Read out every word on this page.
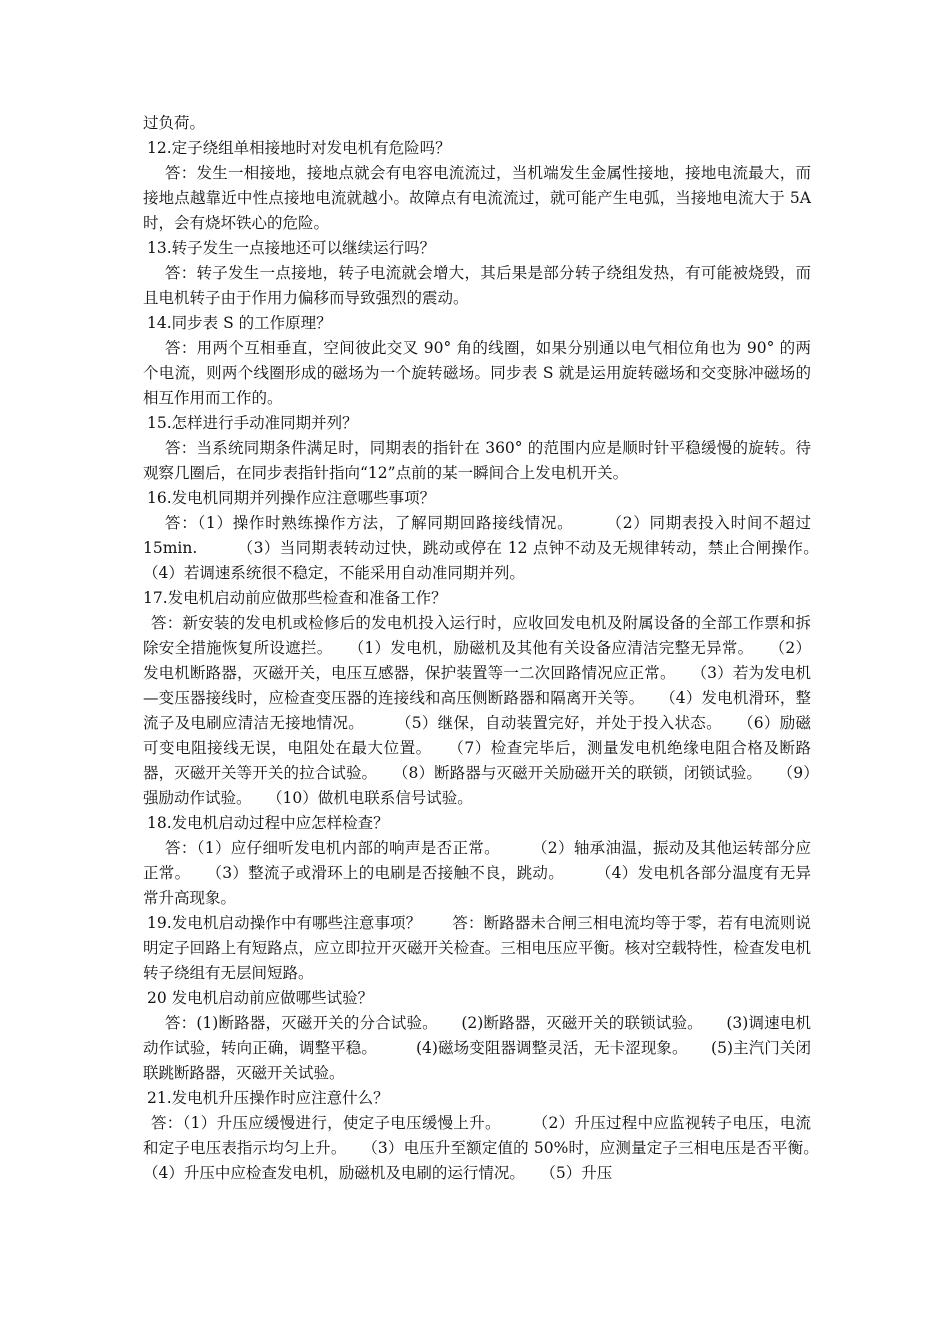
过负荷。

12.定子绕组单相接地时对发电机有危险吗？

答：发生一相接地，接地点就会有电容电流流过，当机端发生金属性接地，接地电流最大，而接地点越靠近中性点接地电流就越小。故障点有电流流过，就可能产生电弧，当接地电流大于 5A 时，会有烧坏铁心的危险。

13.转子发生一点接地还可以继续运行吗？

答：转子发生一点接地，转子电流就会增大，其后果是部分转子绕组发热，有可能被烧毁，而且电机转子由于作用力偏移而导致强烈的震动。

14.同步表 S 的工作原理？

答：用两个互相垂直，空间彼此交叉 90° 角的线圈，如果分别通以电气相位角也为 90° 的两个电流，则两个线圈形成的磁场为一个旋转磁场。同步表 S 就是运用旋转磁场和交变脉冲磁场的相互作用而工作的。

15.怎样进行手动准同期并列？

答：当系统同期条件满足时，同期表的指针在 360° 的范围内应是顺时针平稳缓慢的旋转。待观察几圈后，在同步表指针指向“12”点前的某一瞬间合上发电机开关。

16.发电机同期并列操作应注意哪些事项？

答：（1）操作时熟练操作方法，了解同期回路接线情况。　　　（2）同期表投入时间不超过 15min.　　　（3）当同期表转动过快，跳动或停在 12 点钟不动及无规律转动，禁止合闸操作。　　　（4）若调速系统很不稳定，不能采用自动准同期并列。

17.发电机启动前应做那些检查和准备工作？

答：新安装的发电机或检修后的发电机投入运行时，应收回发电机及附属设备的全部工作票和拆除安全措施恢复所设遮拦。　　（1）发电机，励磁机及其他有关设备应清洁完整无异常。　　（2）发电机断路器，灭磁开关，电压互感器，保护装置等一二次回路情况应正常。　　（3）若为发电机—变压器接线时，应检查变压器的连接线和高压侧断路器和隔离开关等。　　（4）发电机滑环，整流子及电刷应清洁无接地情况。　　　（5）继保，自动装置完好，并处于投入状态。　　（6）励磁可变电阻接线无误，电阻处在最大位置。　　（7）检查完毕后，测量发电机绝缘电阻合格及断路器，灭磁开关等开关的拉合试验。　　（8）断路器与灭磁开关励磁开关的联锁，闭锁试验。　　（9）强励动作试验。　　（10）做机电联系信号试验。

18.发电机启动过程中应怎样检查？

答：（1）应仔细听发电机内部的响声是否正常。　　　（2）轴承油温，振动及其他运转部分应正常。　　（3）整流子或滑环上的电刷是否接触不良，跳动。　　　（4）发电机各部分温度有无异常升高现象。

19.发电机启动操作中有哪些注意事项？　　答：断路器未合闸三相电流均等于零，若有电流则说明定子回路上有短路点，应立即拉开灭磁开关检查。三相电压应平衡。核对空载特性，检查发电机转子绕组有无层间短路。

20 发电机启动前应做哪些试验？

答：(1)断路器，灭磁开关的分合试验。　　(2)断路器，灭磁开关的联锁试验。　　(3)调速电机动作试验，转向正确，调整平稳。　　　(4)磁场变阻器调整灵活，无卡涩现象。　　(5)主汽门关闭联跳断路器，灭磁开关试验。

21.发电机升压操作时应注意什么？

答：（1）升压应缓慢进行，使定子电压缓慢上升。　　　（2）升压过程中应监视转子电压，电流和定子电压表指示均匀上升。　　（3）电压升至额定值的 50%时，应测量定子三相电压是否平衡。　　（4）升压中应检查发电机，励磁机及电刷的运行情况。　　（5）升压
